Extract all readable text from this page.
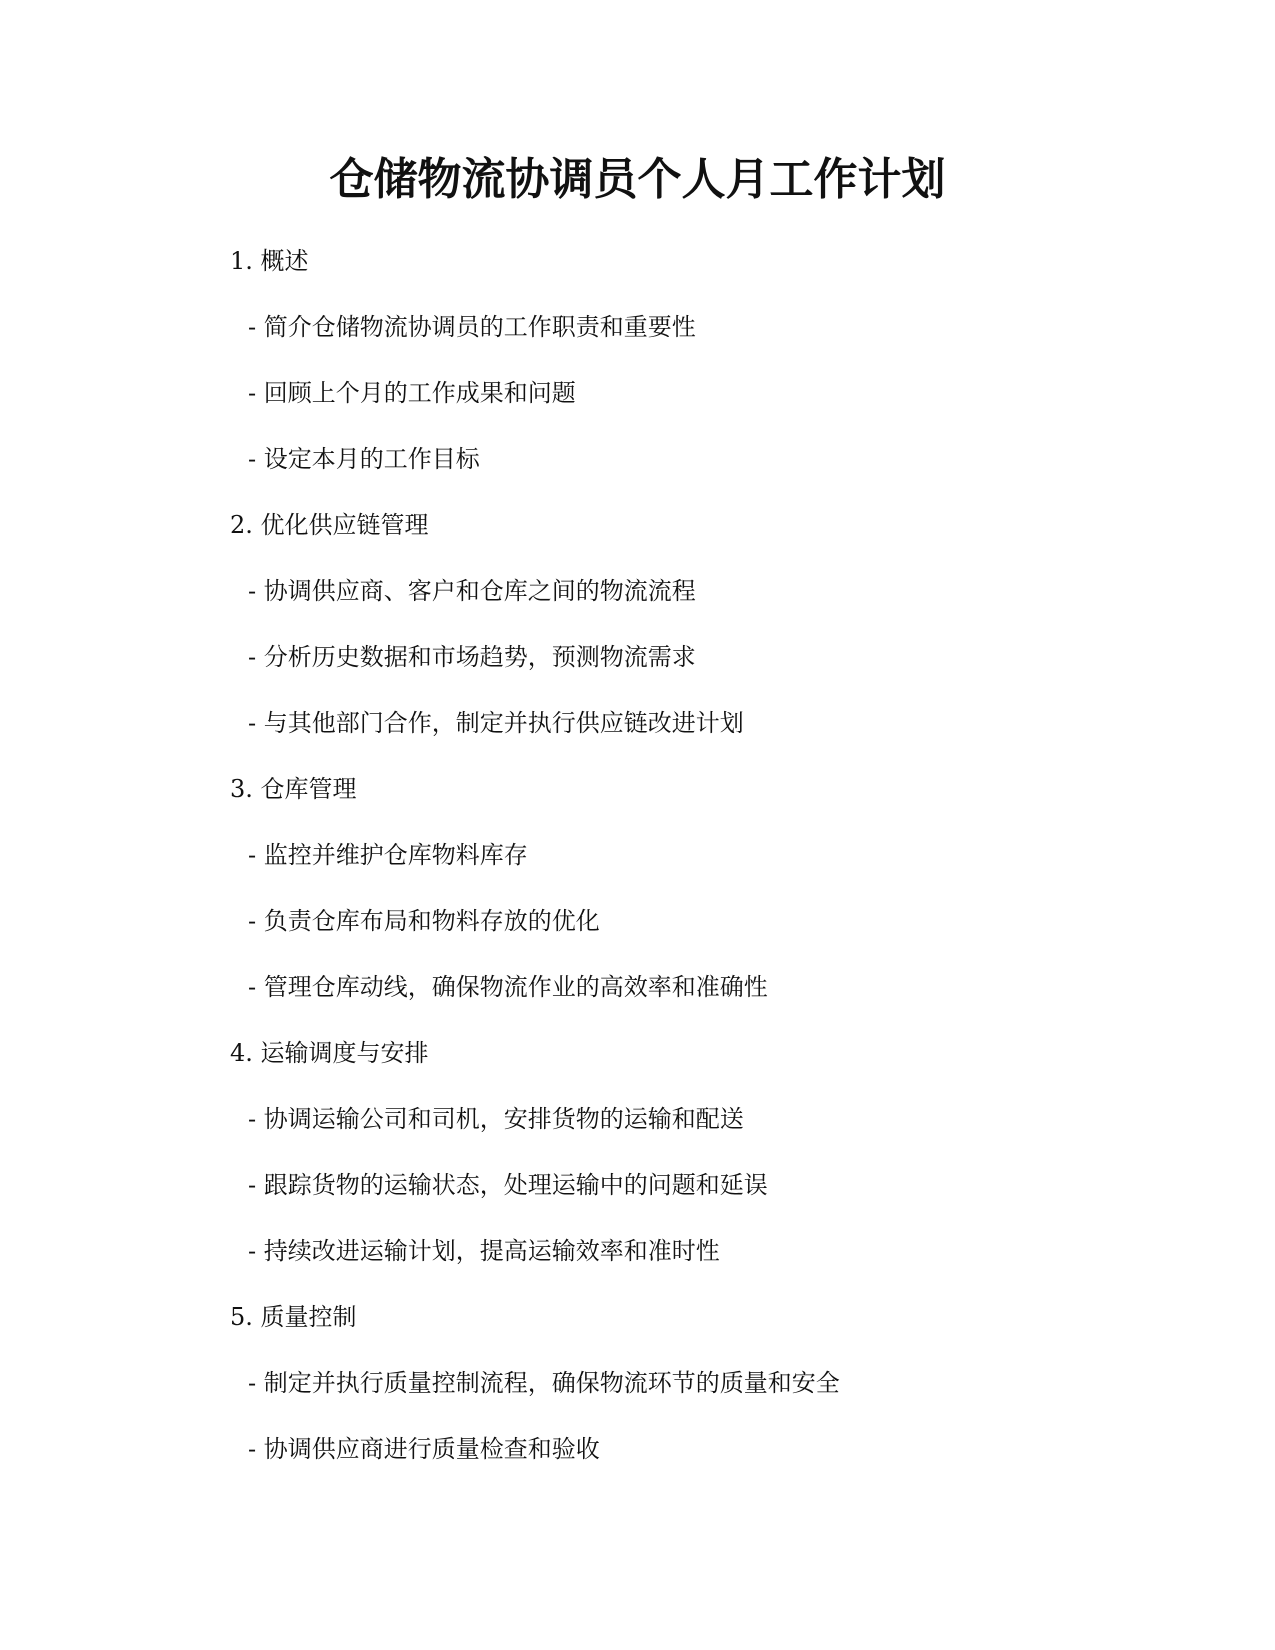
仓储物流协调员个人月工作计划
1. 概述
- 简介仓储物流协调员的工作职责和重要性
- 回顾上个月的工作成果和问题
- 设定本月的工作目标
2. 优化供应链管理
- 协调供应商、客户和仓库之间的物流流程
- 分析历史数据和市场趋势，预测物流需求
- 与其他部门合作，制定并执行供应链改进计划
3. 仓库管理
- 监控并维护仓库物料库存
- 负责仓库布局和物料存放的优化
- 管理仓库动线，确保物流作业的高效率和准确性
4. 运输调度与安排
- 协调运输公司和司机，安排货物的运输和配送
- 跟踪货物的运输状态，处理运输中的问题和延误
- 持续改进运输计划，提高运输效率和准时性
5. 质量控制
- 制定并执行质量控制流程，确保物流环节的质量和安全
- 协调供应商进行质量检查和验收
